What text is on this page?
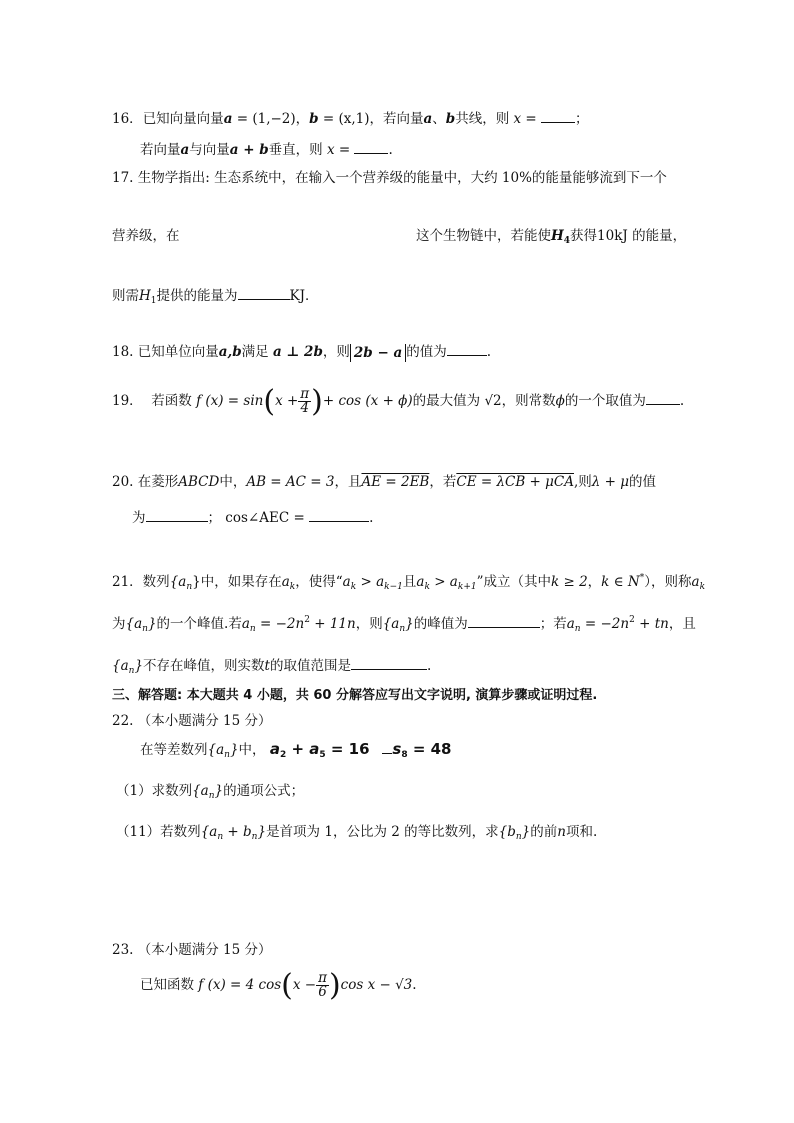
16．已知向量向量a = (1,−2)，b = (x,1)，若向量a、b共线，则 x =	；
若向量a与向量a + b垂直，则 x =	.
17. 生物学指出: 生态系统中，在输入一个营养级的能量中，大约 10%的能量能够流到下一个
营养级，在	这个生物链中，若能使$H_4$获得10kJ 的能量，
则需$H_1$提供的能量为	KJ．
18. 已知单位向量a,b满足 a ⊥ 2b，则 2b − a 的值为	.
19． 若函数 f $(x) = \sin(x + \frac{\pi}{4}$ )+ cos (x + ϕ)的最大值为 √2，则常数ϕ的一个取值为	.
20. 在菱形ABCD中，AB = AC = 3，且AE = 2EB，若CE = λCB + μCA,则λ + μ的值
为	； cos∠AEC =	.
21．数列$\{a_n\}$中，如果存在$a_k$，使得“$a_k > a_{k-1}$且$a_k > a_{k+1}$”成立（其中k ≥ 2，k ∈ N*），则称$a_k$
为$\{a_n\}$的一个峰值.若$a_n = -2n^2 + 11n$，则$\{a_n\}$的峰值为	；若$a_n = -2n^2$ + tn，且
$\{a_n\}$不存在峰值，则实数t的取值范围是	.
三、解答题: 本大题共 4 小题，共 60 分解答应写出文字说明, 演算步骤或证明过程.
22. （本小题满分 15 分）
在等差数列$\{a_n\}$中， $a_2 + a_5 = 16$ $s_8 = 48$
（1）求数列$\{a_n\}$的通项公式；
（11）若数列$\{a_n + b_n\}$是首项为 1，公比为 2 的等比数列，求$\{b_n\}$的前n项和.
23. （本小题满分 15 分）
已知函数 f (x) = 4 $\cos(x - \frac{\pi}{6} )\cos$ x − √3.
